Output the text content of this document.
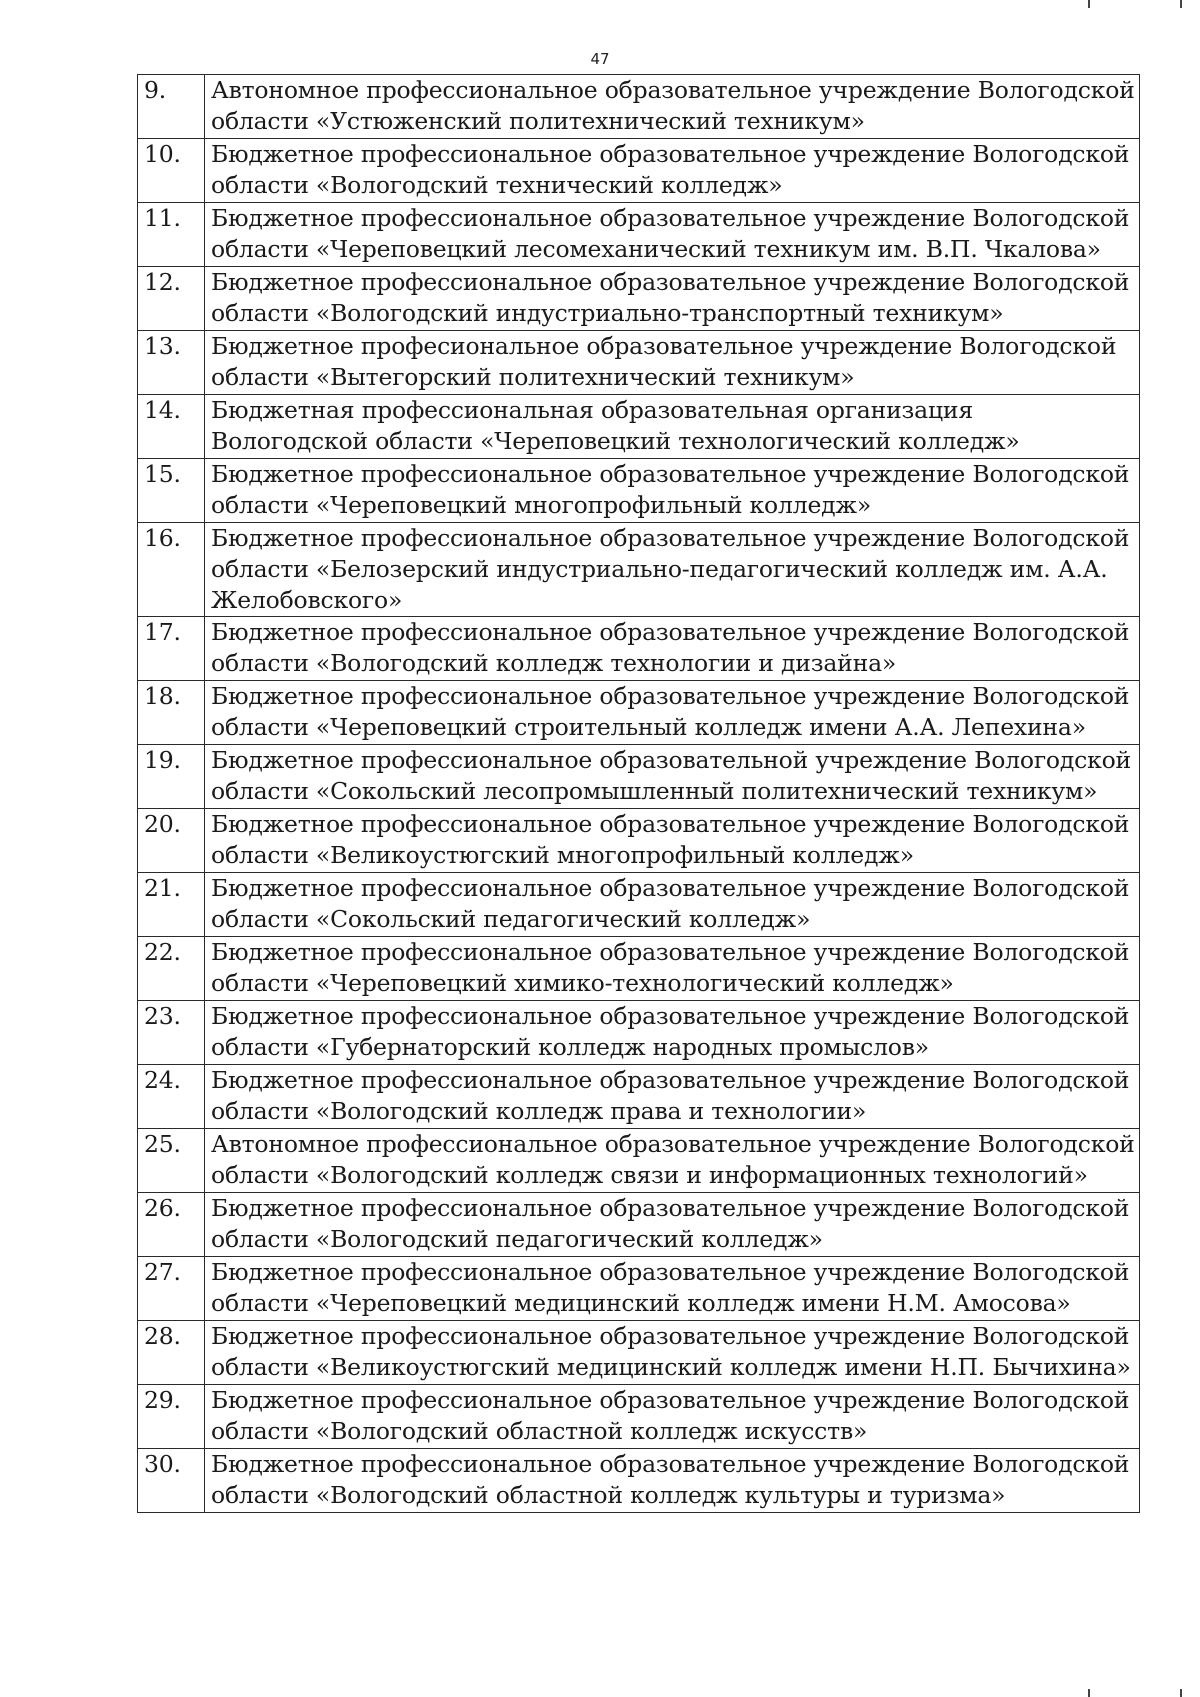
47
9.	Автономное профессиональное образовательное учреждение Вологодской области «Устюженский политехнический техникум»
10.	Бюджетное профессиональное образовательное учреждение Вологодской области «Вологодский технический колледж»
11.	Бюджетное профессиональное образовательное учреждение Вологодской области «Череповецкий лесомеханический техникум им. В.П. Чкалова»
12.	Бюджетное профессиональное образовательное учреждение Вологодской области «Вологодский индустриально-транспортный техникум»
13.	Бюджетное професиональное образовательное учреждение Вологодской области «Вытегорский политехнический техникум»
14.	Бюджетная профессиональная образовательная организация Вологодской области «Череповецкий технологический колледж»
15.	Бюджетное профессиональное образовательное учреждение Вологодской области «Череповецкий многопрофильный колледж»
16.	Бюджетное профессиональное образовательное учреждение Вологодской области «Белозерский индустриально-педагогический колледж им. А.А. Желобовского»
17.	Бюджетное профессиональное образовательное учреждение Вологодской области «Вологодский колледж технологии и дизайна»
18.	Бюджетное профессиональное образовательное учреждение Вологодской области «Череповецкий строительный колледж имени А.А. Лепехина»
19.	Бюджетное профессиональное образовательной учреждение Вологодской области «Сокольский лесопромышленный политехнический техникум»
20.	Бюджетное профессиональное образовательное учреждение Вологодской области «Великоустюгский многопрофильный колледж»
21.	Бюджетное профессиональное образовательное учреждение Вологодской области «Сокольский педагогический колледж»
22.	Бюджетное профессиональное образовательное учреждение Вологодской области «Череповецкий химико-технологический колледж»
23.	Бюджетное профессиональное образовательное учреждение Вологодской области «Губернаторский колледж народных промыслов»
24.	Бюджетное профессиональное образовательное учреждение Вологодской области «Вологодский колледж права и технологии»
25.	Автономное профессиональное образовательное учреждение Вологодской области «Вологодский колледж связи и информационных технологий»
26.	Бюджетное профессиональное образовательное учреждение Вологодской области «Вологодский педагогический колледж»
27.	Бюджетное профессиональное образовательное учреждение Вологодской области «Череповецкий медицинский колледж имени Н.М. Амосова»
28.	Бюджетное профессиональное образовательное учреждение Вологодской области «Великоустюгский медицинский колледж имени Н.П. Бычихина»
29.	Бюджетное профессиональное образовательное учреждение Вологодской области «Вологодский областной колледж искусств»
30.	Бюджетное профессиональное образовательное учреждение Вологодской области «Вологодский областной колледж культуры и туризма»
